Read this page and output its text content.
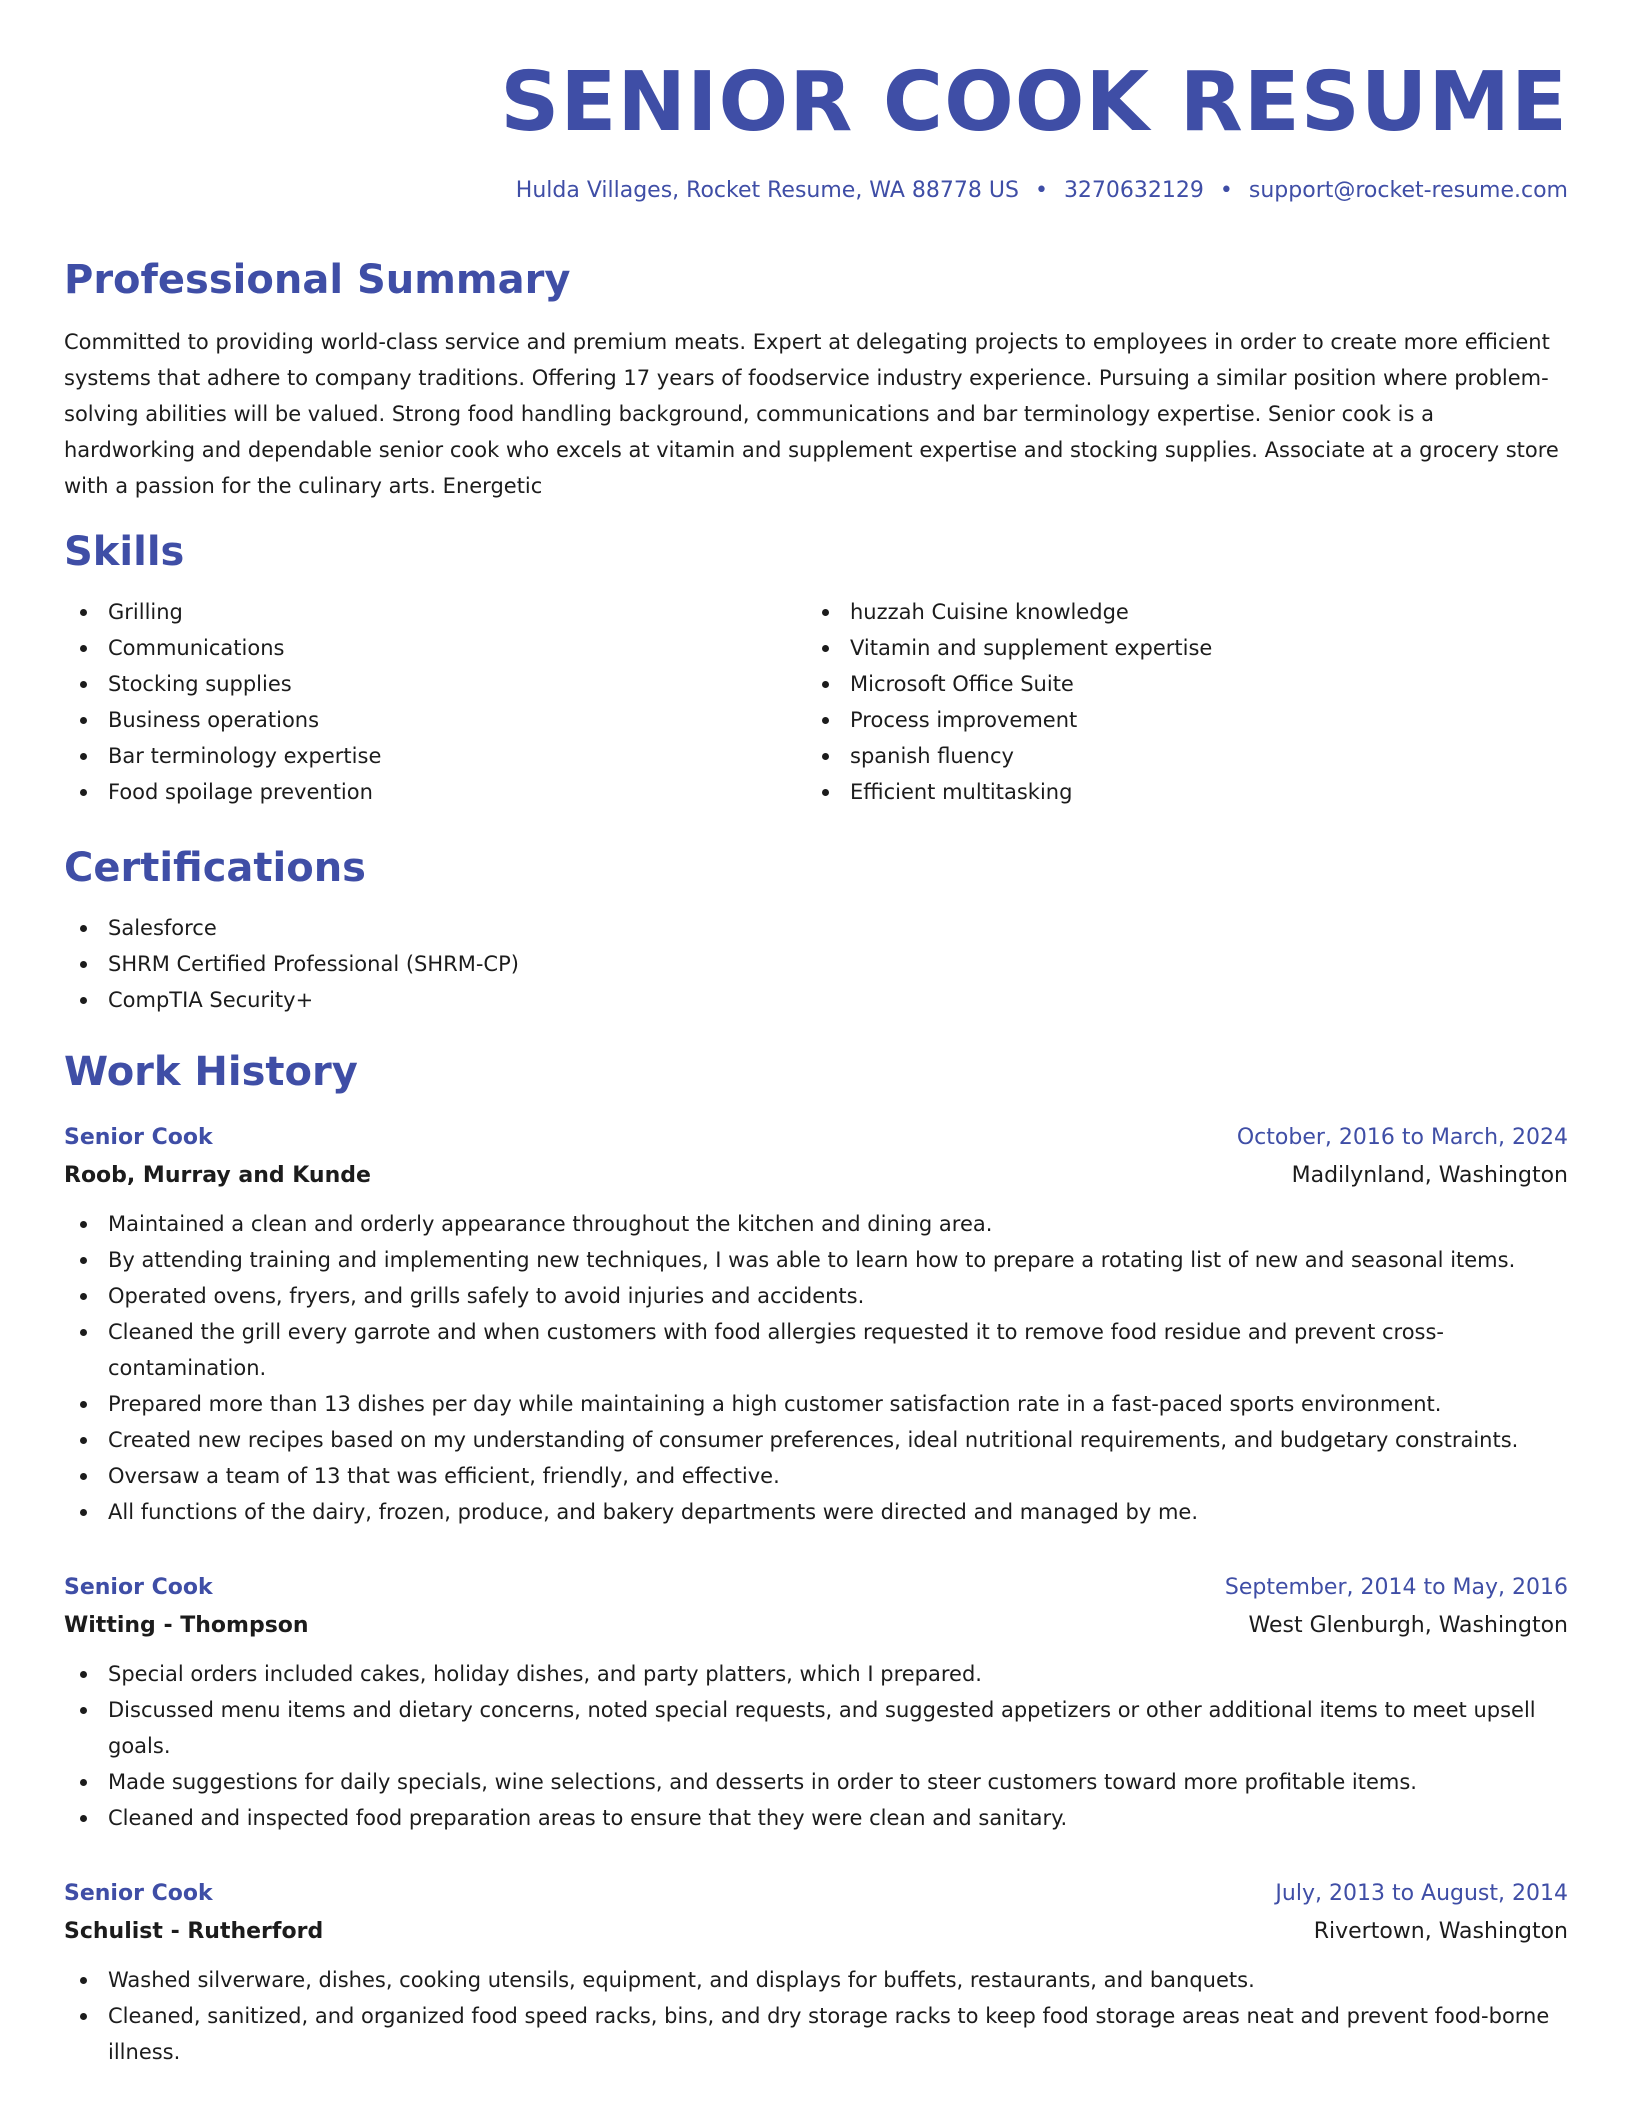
SENIOR COOK RESUME
Hulda Villages, Rocket Resume, WA 88778 US • 3270632129 • support@rocket-resume.com
Professional Summary

Committed to providing world-class service and premium meats. Expert at delegating projects to employees in order to create more efficient systems that adhere to company traditions. Offering 17 years of foodservice industry experience. Pursuing a similar position where problem-solving abilities will be valued. Strong food handling background, communications and bar terminology expertise. Senior cook is a hardworking and dependable senior cook who excels at vitamin and supplement expertise and stocking supplies. Associate at a grocery store with a passion for the culinary arts. Energetic

Skills
Grilling
Communications
Stocking supplies
Business operations
Bar terminology expertise
Food spoilage prevention
huzzah Cuisine knowledge
Vitamin and supplement expertise
Microsoft Office Suite
Process improvement
spanish fluency
Efficient multitasking
Certifications
Salesforce
SHRM Certified Professional (SHRM-CP)
CompTIA Security+
Work History
Senior Cook	October, 2016 to March, 2024
Roob, Murray and Kunde	Madilynland, Washington
Maintained a clean and orderly appearance throughout the kitchen and dining area.
By attending training and implementing new techniques, I was able to learn how to prepare a rotating list of new and seasonal items.
Operated ovens, fryers, and grills safely to avoid injuries and accidents.
Cleaned the grill every garrote and when customers with food allergies requested it to remove food residue and prevent cross-contamination.
Prepared more than 13 dishes per day while maintaining a high customer satisfaction rate in a fast-paced sports environment.
Created new recipes based on my understanding of consumer preferences, ideal nutritional requirements, and budgetary constraints.
Oversaw a team of 13 that was efficient, friendly, and effective.
All functions of the dairy, frozen, produce, and bakery departments were directed and managed by me.
Senior Cook	September, 2014 to May, 2016
Witting - Thompson	West Glenburgh, Washington
Special orders included cakes, holiday dishes, and party platters, which I prepared.
Discussed menu items and dietary concerns, noted special requests, and suggested appetizers or other additional items to meet upsell goals.
Made suggestions for daily specials, wine selections, and desserts in order to steer customers toward more profitable items.
Cleaned and inspected food preparation areas to ensure that they were clean and sanitary.
Senior Cook	July, 2013 to August, 2014
Schulist - Rutherford	Rivertown, Washington
Washed silverware, dishes, cooking utensils, equipment, and displays for buffets, restaurants, and banquets.
Cleaned, sanitized, and organized food speed racks, bins, and dry storage racks to keep food storage areas neat and prevent food-borne illness.
